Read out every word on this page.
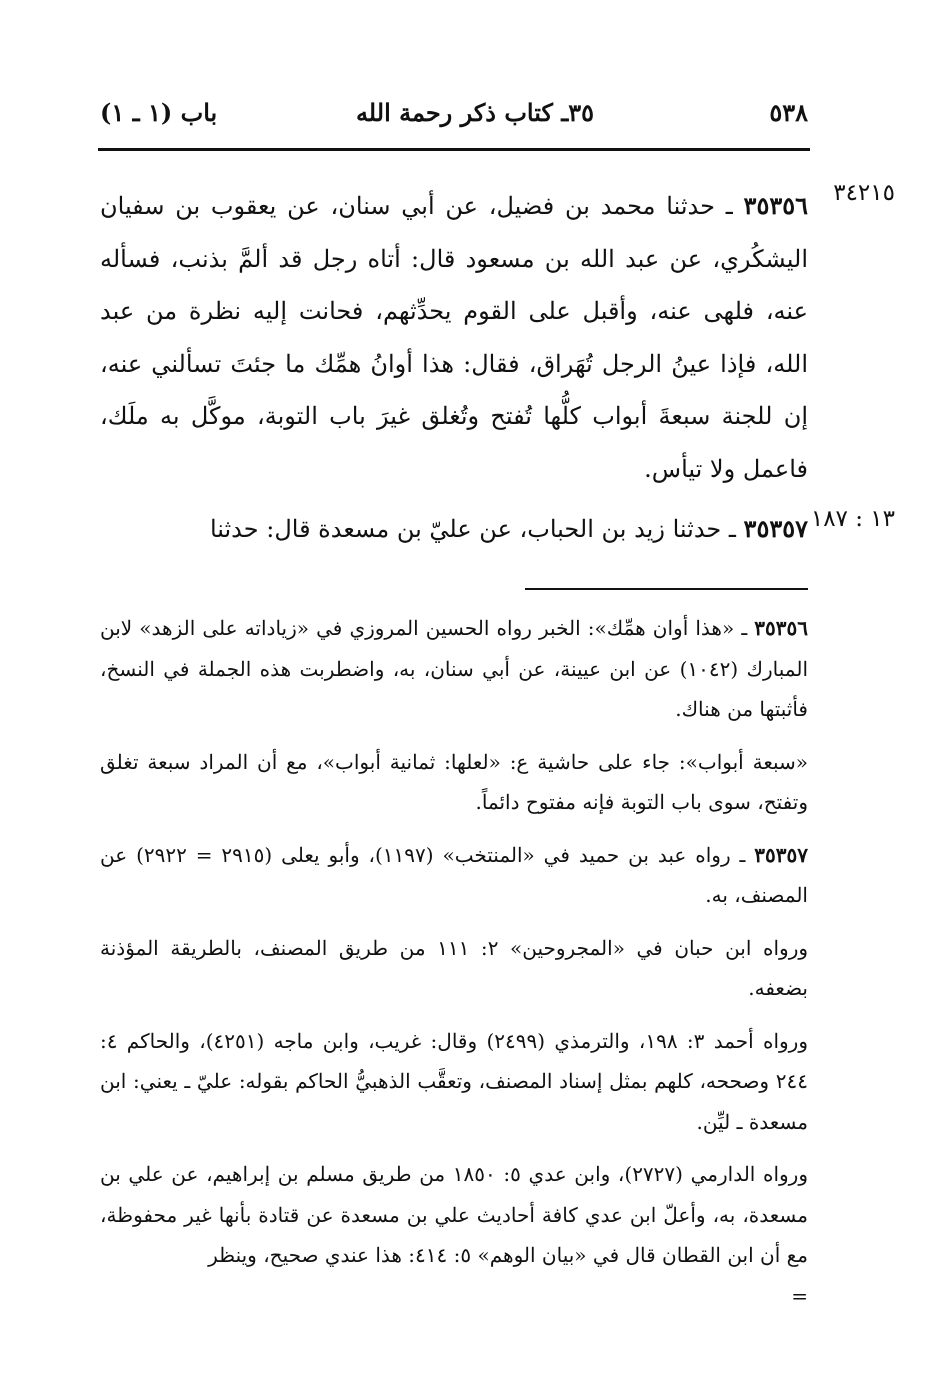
٥٣٨
٣٥ـ كتاب ذكر رحمة الله
باب (١ ـ ١)
٣٤٢١٥
١٣ : ١٨٧

٣٥٣٥٦ ـ حدثنا محمد بن فضيل، عن أبي سنان، عن يعقوب بن سفيان اليشكُري، عن عبد الله بن مسعود قال: أتاه رجل قد ألمَّ بذنب، فسأله عنه، فلهى عنه، وأقبل على القوم يحدِّثهم، فحانت إليه نظرة من عبد الله، فإذا عينُ الرجل تُهَراق، فقال: هذا أوانُ همِّك ما جئتَ تسألني عنه، إن للجنة سبعةَ أبواب كلُّها تُفتح وتُغلق غيرَ باب التوبة، موكَّل به ملَك، فاعمل ولا تيأس.

٣٥٣٥٧ ـ حدثنا زيد بن الحباب، عن عليّ بن مسعدة قال: حدثنا

٣٥٣٥٦ ـ «هذا أوان همِّك»: الخبر رواه الحسين المروزي في «زياداته على الزهد» لابن المبارك (١٠٤٢) عن ابن عيينة، عن أبي سنان، به، واضطربت هذه الجملة في النسخ، فأثبتها من هناك.

«سبعة أبواب»: جاء على حاشية ع: «لعلها: ثمانية أبواب»، مع أن المراد سبعة تغلق وتفتح، سوى باب التوبة فإنه مفتوح دائماً.

٣٥٣٥٧ ـ رواه عبد بن حميد في «المنتخب» (١١٩٧)، وأبو يعلى (٢٩١٥ = ٢٩٢٢) عن المصنف، به.

ورواه ابن حبان في «المجروحين» ٢: ١١١ من طريق المصنف، بالطريقة المؤذنة بضعفه.

ورواه أحمد ٣: ١٩٨، والترمذي (٢٤٩٩) وقال: غريب، وابن ماجه (٤٢٥١)، والحاكم ٤: ٢٤٤ وصححه، كلهم بمثل إسناد المصنف، وتعقَّب الذهبيُّ الحاكم بقوله: عليّ ـ يعني: ابن مسعدة ـ ليِّن.

ورواه الدارمي (٢٧٢٧)، وابن عدي ٥: ١٨٥٠ من طريق مسلم بن إبراهيم، عن علي بن مسعدة، به، وأعلّ ابن عدي كافة أحاديث علي بن مسعدة عن قتادة بأنها غير محفوظة، مع أن ابن القطان قال في «بيان الوهم» ٥: ٤١٤: هذا عندي صحيح، وينظر

=
